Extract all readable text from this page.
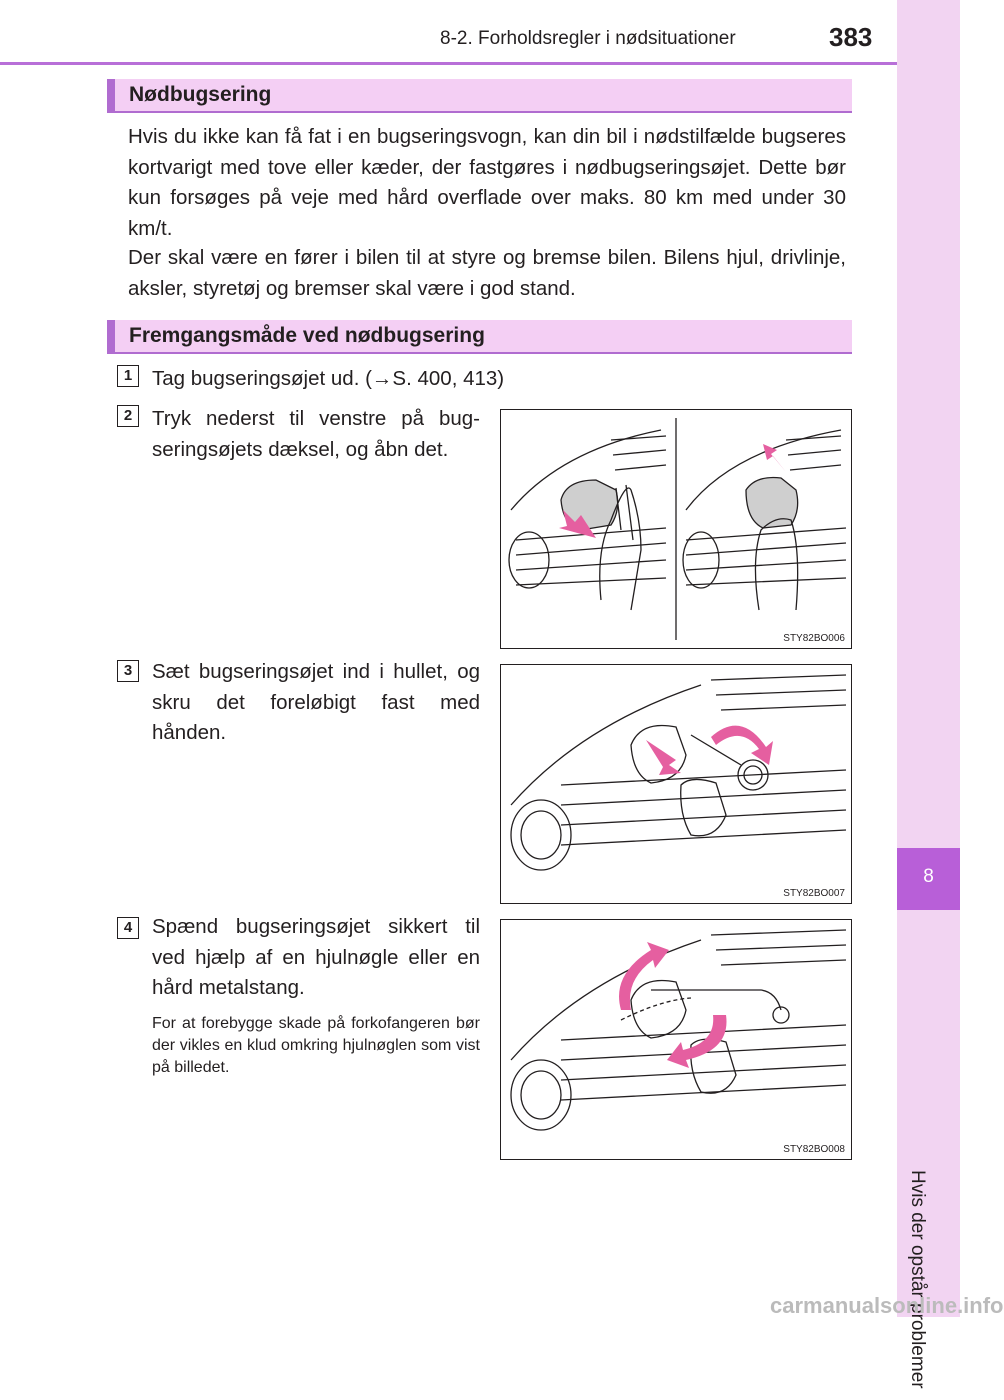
8-2. Forholdsregler i nødsituationer	383
8
Hvis der opstår problemer
Nødbugsering

Hvis du ikke kan få fat i en bugseringsvogn, kan din bil i nødstilfælde bugseres kortvarigt med tove eller kæder, der fastgøres i nødbugseringsøjet. Dette bør kun forsøges på veje med hård overflade over maks. 80 km med under 30 km/t.

Der skal være en fører i bilen til at styre og bremse bilen. Bilens hjul, drivlinje, aksler, styretøj og bremser skal være i god stand.

Fremgangsmåde ved nødbugsering
1 Tag bugseringsøjet ud. (→S. 400, 413)

2 Tryk nederst til venstre på bugseringsøjets dæksel, og åbn det.

STY82BO006
3 Sæt bugseringsøjet ind i hullet, og skru det foreløbigt fast med hånden.

STY82BO007
4 Spænd bugseringsøjet sikkert til ved hjælp af en hjulnøgle eller en hård metalstang.

For at forebygge skade på forkofangeren bør der vikles en klud omkring hjulnøglen som vist på billedet.

STY82BO008
carmanualsonline.info
